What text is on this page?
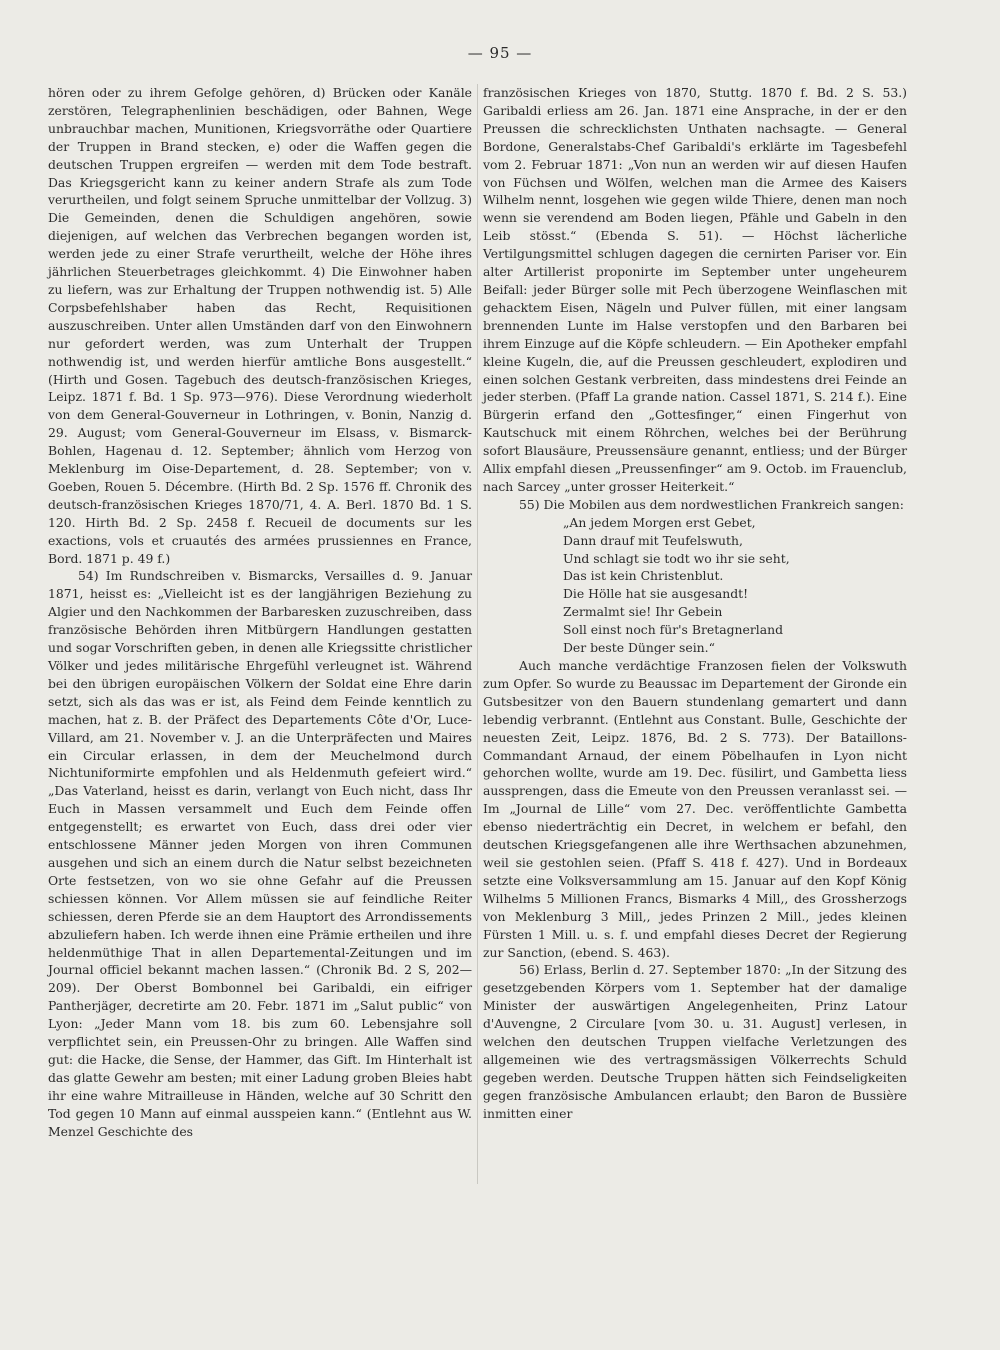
— 95 —

hören oder zu ihrem Gefolge gehören, d) Brücken oder Kanäle zerstören, Telegraphenlinien beschädigen, oder Bahnen, Wege unbrauchbar machen, Munitionen, Kriegsvorräthe oder Quartiere der Truppen in Brand stecken, e) oder die Waffen gegen die deutschen Truppen ergreifen — werden mit dem Tode bestraft. Das Kriegsgericht kann zu keiner andern Strafe als zum Tode verurtheilen, und folgt seinem Spruche unmittelbar der Vollzug. 3) Die Gemeinden, denen die Schuldigen angehören, sowie diejenigen, auf welchen das Verbrechen begangen worden ist, werden jede zu einer Strafe verurtheilt, welche der Höhe ihres jährlichen Steuerbetrages gleichkommt. 4) Die Einwohner haben zu liefern, was zur Erhaltung der Truppen nothwendig ist. 5) Alle Corpsbefehlshaber haben das Recht, Requisitionen auszuschreiben. Unter allen Umständen darf von den Einwohnern nur gefordert werden, was zum Unterhalt der Truppen nothwendig ist, und werden hierfür amtliche Bons ausgestellt.“ (Hirth und Gosen. Tagebuch des deutsch-französischen Krieges, Leipz. 1871 f. Bd. 1 Sp. 973—976). Diese Verordnung wiederholt von dem General-Gouverneur in Lothringen, v. Bonin, Nanzig d. 29. August; vom General-Gouverneur im Elsass, v. Bismarck-Bohlen, Hagenau d. 12. September; ähnlich vom Herzog von Meklenburg im Oise-Departement, d. 28. September; von v. Goeben, Rouen 5. Décembre. (Hirth Bd. 2 Sp. 1576 ff. Chronik des deutsch-französischen Krieges 1870/71, 4. A. Berl. 1870 Bd. 1 S. 120. Hirth Bd. 2 Sp. 2458 f. Recueil de documents sur les exactions, vols et cruautés des armées prussiennes en France, Bord. 1871 p. 49 f.)

54) Im Rundschreiben v. Bismarcks, Versailles d. 9. Januar 1871, heisst es: „Vielleicht ist es der langjährigen Beziehung zu Algier und den Nachkommen der Barbaresken zuzuschreiben, dass französische Behörden ihren Mitbürgern Handlungen gestatten und sogar Vorschriften geben, in denen alle Kriegssitte christlicher Völker und jedes militärische Ehrgefühl verleugnet ist. Während bei den übrigen europäischen Völkern der Soldat eine Ehre darin setzt, sich als das was er ist, als Feind dem Feinde kenntlich zu machen, hat z. B. der Präfect des Departements Côte d'Or, Luce-Villard, am 21. November v. J. an die Unterpräfecten und Maires ein Circular erlassen, in dem der Meuchelmond durch Nichtuniformirte empfohlen und als Heldenmuth gefeiert wird.“ „Das Vaterland, heisst es darin, verlangt von Euch nicht, dass Ihr Euch in Massen versammelt und Euch dem Feinde offen entgegenstellt; es erwartet von Euch, dass drei oder vier entschlossene Männer jeden Morgen von ihren Communen ausgehen und sich an einem durch die Natur selbst bezeichneten Orte festsetzen, von wo sie ohne Gefahr auf die Preussen schiessen können. Vor Allem müssen sie auf feindliche Reiter schiessen, deren Pferde sie an dem Hauptort des Arrondissements abzuliefern haben. Ich werde ihnen eine Prämie ertheilen und ihre heldenmüthige That in allen Departemental-Zeitungen und im Journal officiel bekannt machen lassen.“ (Chronik Bd. 2 S, 202—209). Der Oberst Bombonnel bei Garibaldi, ein eifriger Pantherjäger, decretirte am 20. Febr. 1871 im „Salut public“ von Lyon: „Jeder Mann vom 18. bis zum 60. Lebensjahre soll verpflichtet sein, ein Preussen-Ohr zu bringen. Alle Waffen sind gut: die Hacke, die Sense, der Hammer, das Gift. Im Hinterhalt ist das glatte Gewehr am besten; mit einer Ladung groben Bleies habt ihr eine wahre Mitrailleuse in Händen, welche auf 30 Schritt den Tod gegen 10 Mann auf einmal ausspeien kann.“ (Entlehnt aus W. Menzel Geschichte des

französischen Krieges von 1870, Stuttg. 1870 f. Bd. 2 S. 53.) Garibaldi erliess am 26. Jan. 1871 eine Ansprache, in der er den Preussen die schrecklichsten Unthaten nachsagte. — General Bordone, Generalstabs-Chef Garibaldi's erklärte im Tagesbefehl vom 2. Februar 1871: „Von nun an werden wir auf diesen Haufen von Füchsen und Wölfen, welchen man die Armee des Kaisers Wilhelm nennt, losgehen wie gegen wilde Thiere, denen man noch wenn sie verendend am Boden liegen, Pfähle und Gabeln in den Leib stösst.“ (Ebenda S. 51). — Höchst lächerliche Vertilgungsmittel schlugen dagegen die cernirten Pariser vor. Ein alter Artillerist proponirte im September unter ungeheurem Beifall: jeder Bürger solle mit Pech überzogene Weinflaschen mit gehacktem Eisen, Nägeln und Pulver füllen, mit einer langsam brennenden Lunte im Halse verstopfen und den Barbaren bei ihrem Einzuge auf die Köpfe schleudern. — Ein Apotheker empfahl kleine Kugeln, die, auf die Preussen geschleudert, explodiren und einen solchen Gestank verbreiten, dass mindestens drei Feinde an jeder sterben. (Pfaff La grande nation. Cassel 1871, S. 214 f.). Eine Bürgerin erfand den „Gottesfinger,“ einen Fingerhut von Kautschuck mit einem Röhrchen, welches bei der Berührung sofort Blausäure, Preussensäure genannt, entliess; und der Bürger Allix empfahl diesen „Preussenfinger“ am 9. Octob. im Frauenclub, nach Sarcey „unter grosser Heiterkeit.“

55) Die Mobilen aus dem nordwestlichen Frankreich sangen:

„An jedem Morgen erst Gebet,
Dann drauf mit Teufelswuth,
Und schlagt sie todt wo ihr sie seht,
Das ist kein Christenblut.
Die Hölle hat sie ausgesandt!
Zermalmt sie! Ihr Gebein
Soll einst noch für's Bretagnerland
Der beste Dünger sein.“

Auch manche verdächtige Franzosen fielen der Volkswuth zum Opfer. So wurde zu Beaussac im Departement der Gironde ein Gutsbesitzer von den Bauern stundenlang gemartert und dann lebendig verbrannt. (Entlehnt aus Constant. Bulle, Geschichte der neuesten Zeit, Leipz. 1876, Bd. 2 S. 773). Der Bataillons-Commandant Arnaud, der einem Pöbelhaufen in Lyon nicht gehorchen wollte, wurde am 19. Dec. füsilirt, und Gambetta liess aussprengen, dass die Emeute von den Preussen veranlasst sei. — Im „Journal de Lille“ vom 27. Dec. veröffentlichte Gambetta ebenso niederträchtig ein Decret, in welchem er befahl, den deutschen Kriegsgefangenen alle ihre Werthsachen abzunehmen, weil sie gestohlen seien. (Pfaff S. 418 f. 427). Und in Bordeaux setzte eine Volksversammlung am 15. Januar auf den Kopf König Wilhelms 5 Millionen Francs, Bismarks 4 Mill,, des Grossherzogs von Meklenburg 3 Mill,, jedes Prinzen 2 Mill., jedes kleinen Fürsten 1 Mill. u. s. f. und empfahl dieses Decret der Regierung zur Sanction, (ebend. S. 463).

56) Erlass, Berlin d. 27. September 1870: „In der Sitzung des gesetzgebenden Körpers vom 1. September hat der damalige Minister der auswärtigen Angelegenheiten, Prinz Latour d'Auvengne, 2 Circulare [vom 30. u. 31. August] verlesen, in welchen den deutschen Truppen vielfache Verletzungen des allgemeinen wie des vertragsmässigen Völkerrechts Schuld gegeben werden. Deutsche Truppen hätten sich Feindseligkeiten gegen französische Ambulancen erlaubt; den Baron de Bussière inmitten einer
